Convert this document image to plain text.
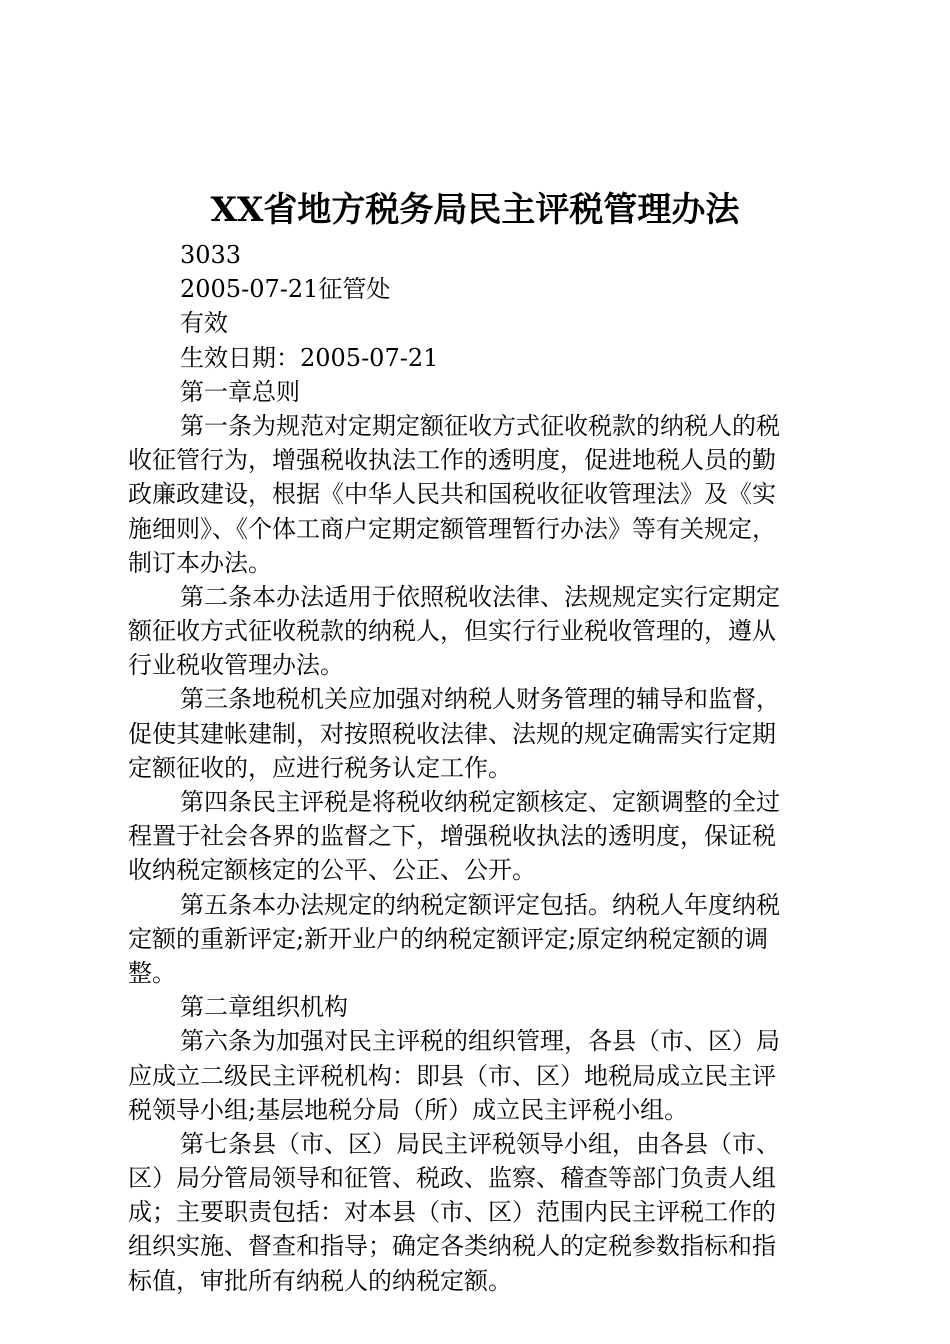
XX省地方税务局民主评税管理办法
3033
2005-07-21征管处
有效
生效日期：2005-07-21
第一章总则
第一条为规范对定期定额征收方式征收税款的纳税人的税
收征管行为，增强税收执法工作的透明度，促进地税人员的勤
政廉政建设，根据《中华人民共和国税收征收管理法》及《实
施细则》、《个体工商户定期定额管理暂行办法》等有关规定，
制订本办法。
第二条本办法适用于依照税收法律、法规规定实行定期定
额征收方式征收税款的纳税人，但实行行业税收管理的，遵从
行业税收管理办法。
第三条地税机关应加强对纳税人财务管理的辅导和监督，
促使其建帐建制，对按照税收法律、法规的规定确需实行定期
定额征收的，应进行税务认定工作。
第四条民主评税是将税收纳税定额核定、定额调整的全过
程置于社会各界的监督之下，增强税收执法的透明度，保证税
收纳税定额核定的公平、公正、公开。
第五条本办法规定的纳税定额评定包括。纳税人年度纳税
定额的重新评定;新开业户的纳税定额评定;原定纳税定额的调
整。
第二章组织机构
第六条为加强对民主评税的组织管理，各县（市、区）局
应成立二级民主评税机构：即县（市、区）地税局成立民主评
税领导小组;基层地税分局（所）成立民主评税小组。
第七条县（市、区）局民主评税领导小组，由各县（市、
区）局分管局领导和征管、税政、监察、稽查等部门负责人组
成；主要职责包括：对本县（市、区）范围内民主评税工作的
组织实施、督查和指导；确定各类纳税人的定税参数指标和指
标值，审批所有纳税人的纳税定额。
